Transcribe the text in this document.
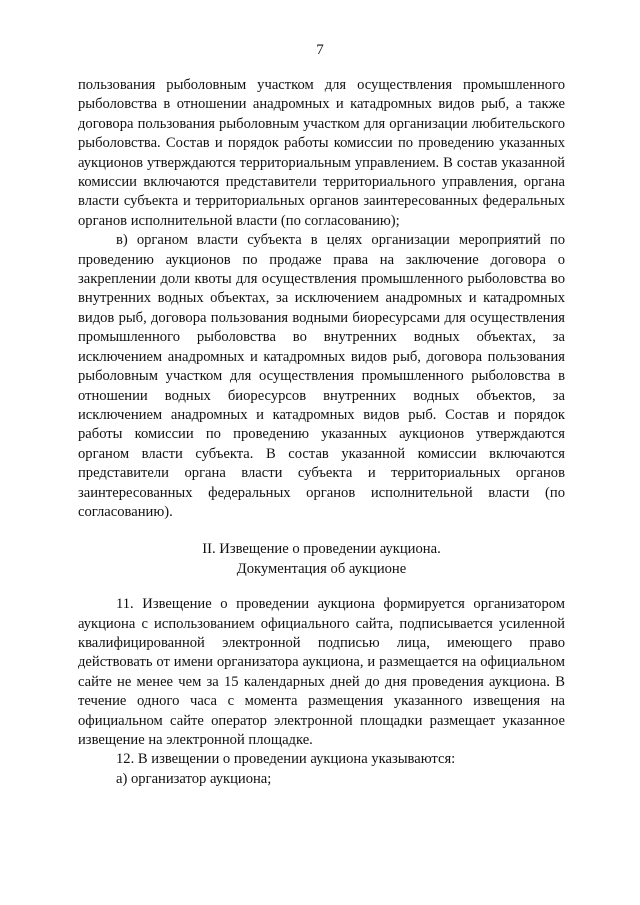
7

пользования рыболовным участком для осуществления промышленного рыболовства в отношении анадромных и катадромных видов рыб, а также договора пользования рыболовным участком для организации любительского рыболовства. Состав и порядок работы комиссии по проведению указанных аукционов утверждаются территориальным управлением. В состав указанной комиссии включаются представители территориального управления, органа власти субъекта и территориальных органов заинтересованных федеральных органов исполнительной власти (по согласованию);

в) органом власти субъекта в целях организации мероприятий по проведению аукционов по продаже права на заключение договора о закреплении доли квоты для осуществления промышленного рыболовства во внутренних водных объектах, за исключением анадромных и катадромных видов рыб, договора пользования водными биоресурсами для осуществления промышленного рыболовства во внутренних водных объектах, за исключением анадромных и катадромных видов рыб, договора пользования рыболовным участком для осуществления промышленного рыболовства в отношении водных биоресурсов внутренних водных объектов, за исключением анадромных и катадромных видов рыб. Состав и порядок работы комиссии по проведению указанных аукционов утверждаются органом власти субъекта. В состав указанной комиссии включаются представители органа власти субъекта и территориальных органов заинтересованных федеральных органов исполнительной власти (по согласованию).

II. Извещение о проведении аукциона.
Документация об аукционе

11. Извещение о проведении аукциона формируется организатором аукциона с использованием официального сайта, подписывается усиленной квалифицированной электронной подписью лица, имеющего право действовать от имени организатора аукциона, и размещается на официальном сайте не менее чем за 15 календарных дней до дня проведения аукциона. В течение одного часа с момента размещения указанного извещения на официальном сайте оператор электронной площадки размещает указанное извещение на электронной площадке.

12. В извещении о проведении аукциона указываются:

а) организатор аукциона;
